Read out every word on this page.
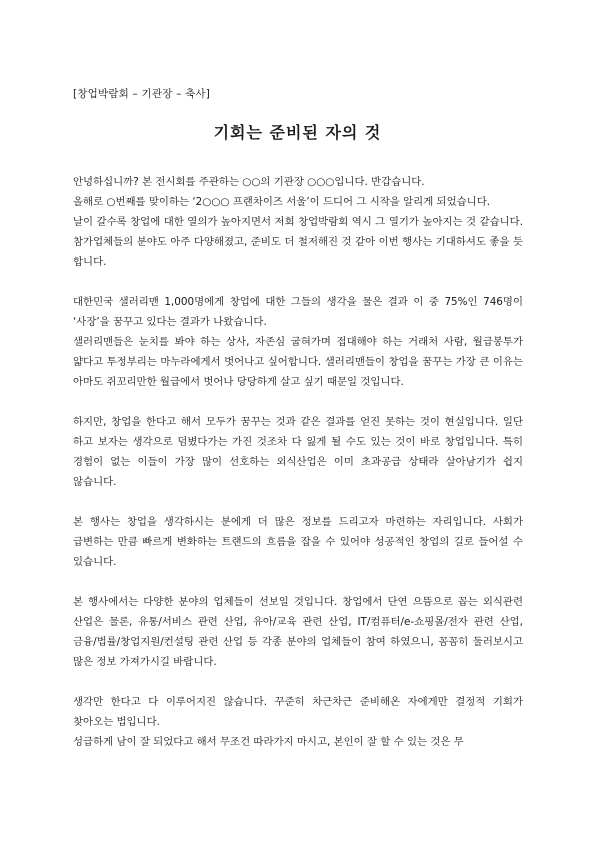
[창업박람회 – 기관장 – 축사]
기회는 준비된 자의 것

안녕하십니까? 본 전시회를 주관하는 ○○의 기관장 ○○○입니다. 반갑습니다.

올해로 ○번째를 맞이하는 ‘2○○○ 프랜차이즈 서울’이 드디어 그 시작을 알리게 되었습니다.

날이 갈수록 창업에 대한 열의가 높아지면서 저희 창업박람회 역시 그 열기가 높아지는 것 같습니다. 참가업체들의 분야도 아주 다양해졌고, 준비도 더 철저해진 것 같아 이번 행사는 기대하셔도 좋을 듯 합니다.

대한민국 샐러리맨 1,000명에게 창업에 대한 그들의 생각을 물은 결과 이 중 75%인 746명이 ‘사장’을 꿈꾸고 있다는 결과가 나왔습니다.

샐러리맨들은 눈치를 봐야 하는 상사, 자존심 굽혀가며 접대해야 하는 거래처 사람, 월급봉투가 얇다고 투정부리는 마누라에게서 벗어나고 싶어합니다. 샐러리맨들이 창업을 꿈꾸는 가장 큰 이유는 아마도 쥐꼬리만한 월급에서 벗어나 당당하게 살고 싶기 때문일 것입니다.

하지만, 창업을 한다고 해서 모두가 꿈꾸는 것과 같은 결과를 얻진 못하는 것이 현실입니다. 일단 하고 보자는 생각으로 덤볐다가는 가진 것조차 다 잃게 될 수도 있는 것이 바로 창업입니다. 특히 경험이 없는 이들이 가장 많이 선호하는 외식산업은 이미 초과공급 상태라 살아남기가 쉽지 않습니다.

본 행사는 창업을 생각하시는 분에게 더 많은 정보를 드리고자 마련하는 자리입니다. 사회가 급변하는 만큼 빠르게 변화하는 트랜드의 흐름을 잡을 수 있어야 성공적인 창업의 길로 들어설 수 있습니다.

본 행사에서는 다양한 분야의 업체들이 선보일 것입니다. 창업에서 단연 으뜸으로 꼽는 외식관련 산업은 물론, 유통/서비스 관련 산업, 유아/교육 관련 산업, IT/컴퓨터/e-쇼핑몰/전자 관련 산업, 금융/법률/창업지원/컨설팅 관련 산업 등 각종 분야의 업체들이 참여 하였으니, 꼼꼼히 둘러보시고 많은 정보 가져가시길 바랍니다.

생각만 한다고 다 이루어지진 않습니다. 꾸준히 차근차근 준비해온 자에게만 결정적 기회가 찾아오는 법입니다.

성급하게 남이 잘 되었다고 해서 무조건 따라가지 마시고, 본인이 잘 할 수 있는 것은 무
